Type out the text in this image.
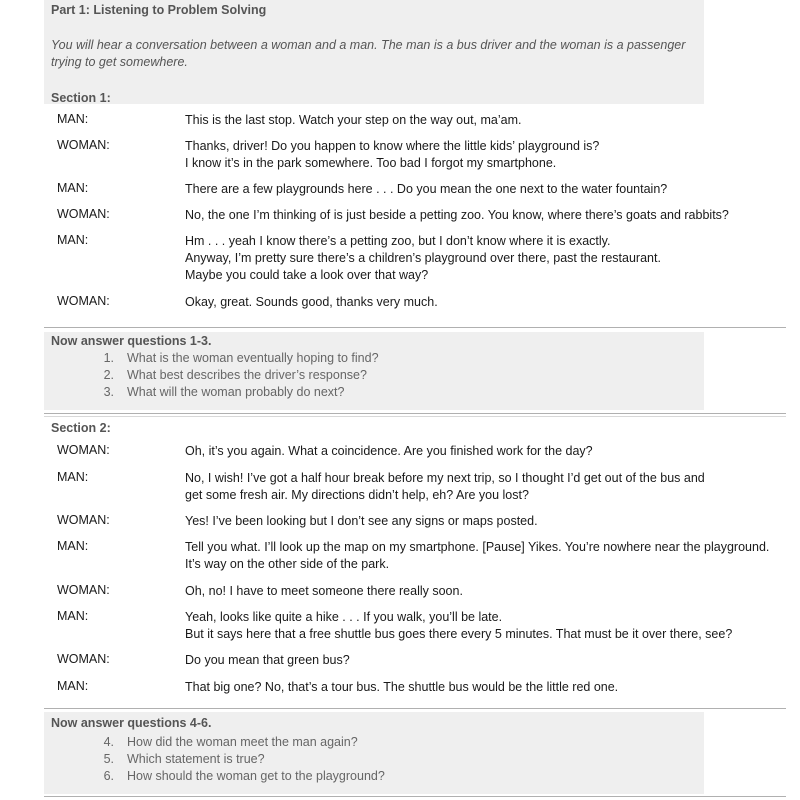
Part 1: Listening to Problem Solving
You will hear a conversation between a woman and a man. The man is a bus driver and the woman is a passenger
trying to get somewhere.
Section 1:
MAN:	This is the last stop. Watch your step on the way out, ma’am.
WOMAN:	Thanks, driver! Do you happen to know where the little kids’ playground is?
I know it’s in the park somewhere. Too bad I forgot my smartphone.
MAN:	There are a few playgrounds here . . . Do you mean the one next to the water fountain?
WOMAN:	No, the one I’m thinking of is just beside a petting zoo. You know, where there’s goats and rabbits?
MAN:	Hm . . . yeah I know there’s a petting zoo, but I don’t know where it is exactly.
Anyway, I’m pretty sure there’s a children’s playground over there, past the restaurant.
Maybe you could take a look over that way?
WOMAN:	Okay, great. Sounds good, thanks very much.
Now answer questions 1-3.
1. What is the woman eventually hoping to find?
2. What best describes the driver’s response?
3. What will the woman probably do next?
Section 2:
WOMAN:	Oh, it’s you again. What a coincidence. Are you finished work for the day?
MAN:	No, I wish! I’ve got a half hour break before my next trip, so I thought I’d get out of the bus and
get some fresh air. My directions didn’t help, eh? Are you lost?
WOMAN:	Yes! I’ve been looking but I don’t see any signs or maps posted.
MAN:	Tell you what. I’ll look up the map on my smartphone. [Pause] Yikes. You’re nowhere near the playground.
It’s way on the other side of the park.
WOMAN:	Oh, no! I have to meet someone there really soon.
MAN:	Yeah, looks like quite a hike . . . If you walk, you’ll be late.
But it says here that a free shuttle bus goes there every 5 minutes. That must be it over there, see?
WOMAN:	Do you mean that green bus?
MAN:	That big one? No, that’s a tour bus. The shuttle bus would be the little red one.
Now answer questions 4-6.
4. How did the woman meet the man again?
5. Which statement is true?
6. How should the woman get to the playground?
